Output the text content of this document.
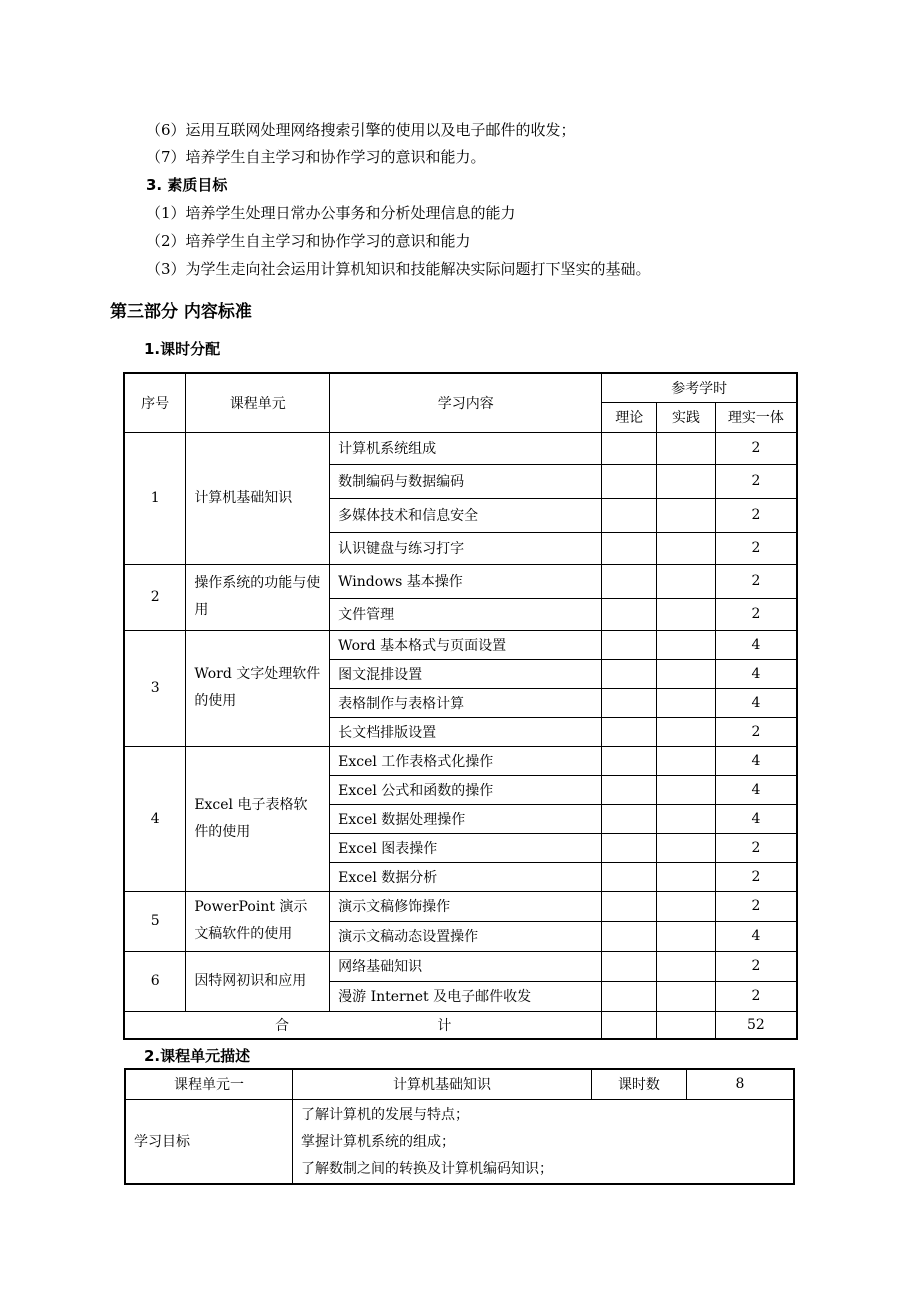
（6）运用互联网处理网络搜索引擎的使用以及电子邮件的收发；
（7）培养学生自主学习和协作学习的意识和能力。
3. 素质目标
（1）培养学生处理日常办公事务和分析处理信息的能力
（2）培养学生自主学习和协作学习的意识和能力
（3）为学生走向社会运用计算机知识和技能解决实际问题打下坚实的基础。
第三部分 内容标准
1.课时分配
序号	课程单元	学习内容	参考学时		
			理论	实践	理实一体
1	计算机基础知识	计算机系统组成			2
		数制编码与数据编码			2
		多媒体技术和信息安全			2
		认识键盘与练习打字			2
2	操作系统的功能与使用	Windows 基本操作			2
		文件管理			2
3	Word 文字处理软件的使用	Word 基本格式与页面设置			4
		图文混排设置			4
		表格制作与表格计算			4
		长文档排版设置			2
4	Excel 电子表格软件的使用	Excel 工作表格式化操作			4
		Excel 公式和函数的操作			4
		Excel 数据处理操作			4
		Excel 图表操作			2
		Excel 数据分析			2
5	PowerPoint 演示文稿软件的使用	演示文稿修饰操作			2
		演示文稿动态设置操作			4
6	因特网初识和应用	网络基础知识			2
		漫游 Internet 及电子邮件收发			2
合计					52
2.课程单元描述
课程单元一	计算机基础知识	课时数	8
学习目标	了解计算机的发展与特点；
掌握计算机系统的组成；
了解数制之间的转换及计算机编码知识；		
